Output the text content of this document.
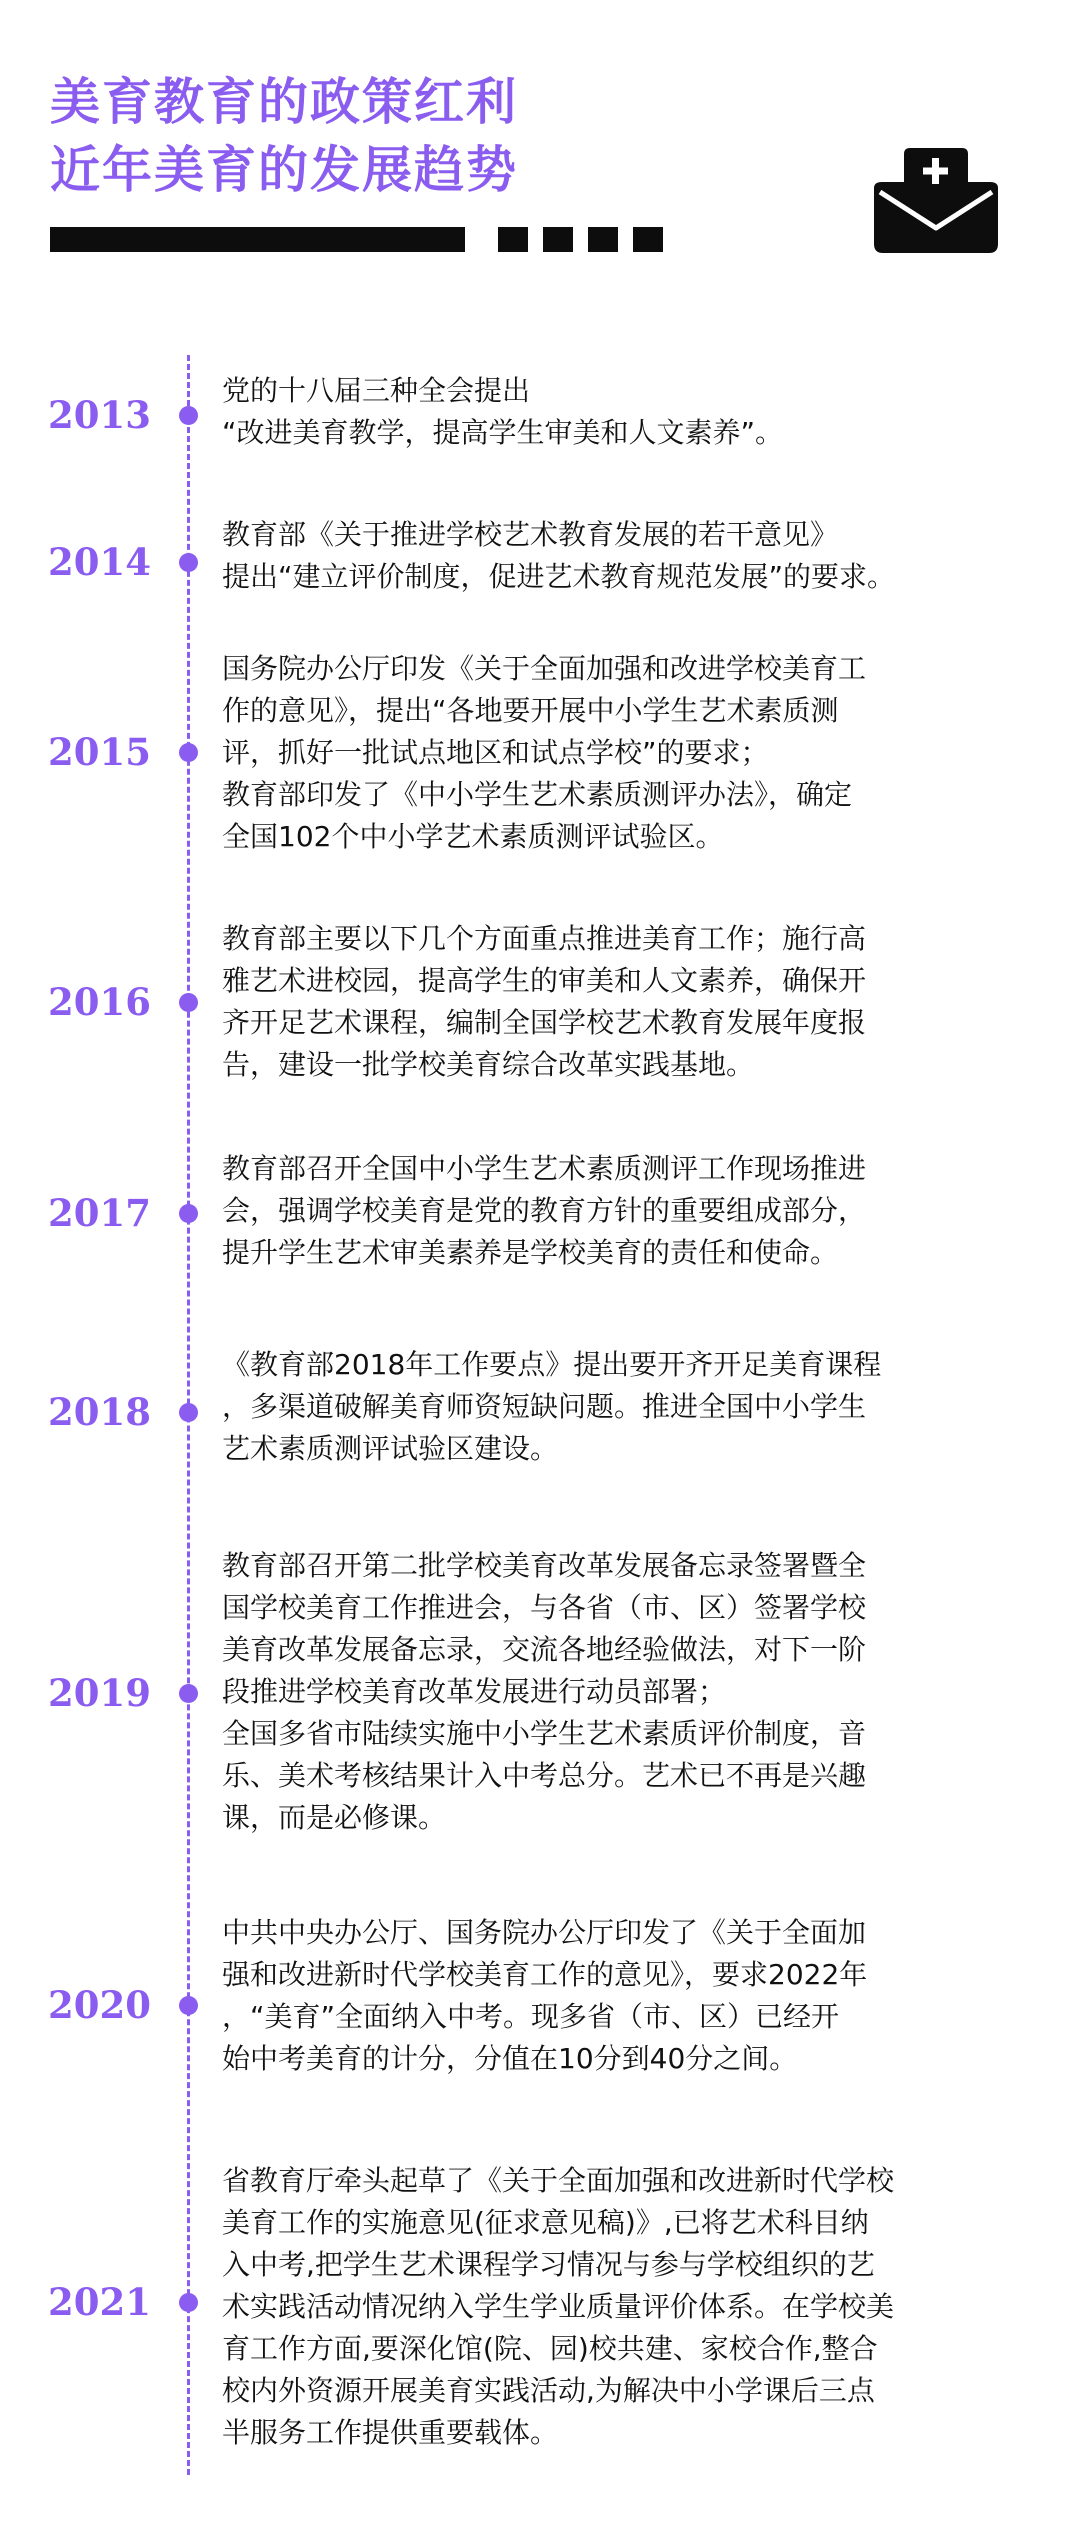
美育教育的政策红利
近年美育的发展趋势
2013
党的十八届三种全会提出
“改进美育教学，提高学生审美和人文素养”。
2014
教育部《关于推进学校艺术教育发展的若干意见》
提出“建立评价制度，促进艺术教育规范发展”的要求。
2015
国务院办公厅印发《关于全面加强和改进学校美育工
作的意见》，提出“各地要开展中小学生艺术素质测
评，抓好一批试点地区和试点学校”的要求；
教育部印发了《中小学生艺术素质测评办法》，确定
全国102个中小学艺术素质测评试验区。
2016
教育部主要以下几个方面重点推进美育工作；施行高
雅艺术进校园，提高学生的审美和人文素养，确保开
齐开足艺术课程，编制全国学校艺术教育发展年度报
告，建设一批学校美育综合改革实践基地。
2017
教育部召开全国中小学生艺术素质测评工作现场推进
会，强调学校美育是党的教育方针的重要组成部分，
提升学生艺术审美素养是学校美育的责任和使命。
2018
《教育部2018年工作要点》提出要开齐开足美育课程
，多渠道破解美育师资短缺问题。推进全国中小学生
艺术素质测评试验区建设。
2019
教育部召开第二批学校美育改革发展备忘录签署暨全
国学校美育工作推进会，与各省（市、区）签署学校
美育改革发展备忘录，交流各地经验做法，对下一阶
段推进学校美育改革发展进行动员部署；
全国多省市陆续实施中小学生艺术素质评价制度，音
乐、美术考核结果计入中考总分。艺术已不再是兴趣
课，而是必修课。
2020
中共中央办公厅、国务院办公厅印发了《关于全面加
强和改进新时代学校美育工作的意见》，要求2022年
，“美育”全面纳入中考。现多省（市、区）已经开
始中考美育的计分，分值在10分到40分之间。
2021
省教育厅牵头起草了《关于全面加强和改进新时代学校
美育工作的实施意见(征求意见稿)》,已将艺术科目纳
入中考,把学生艺术课程学习情况与参与学校组织的艺
术实践活动情况纳入学生学业质量评价体系。在学校美
育工作方面,要深化馆(院、园)校共建、家校合作,整合
校内外资源开展美育实践活动,为解决中小学课后三点
半服务工作提供重要载体。
